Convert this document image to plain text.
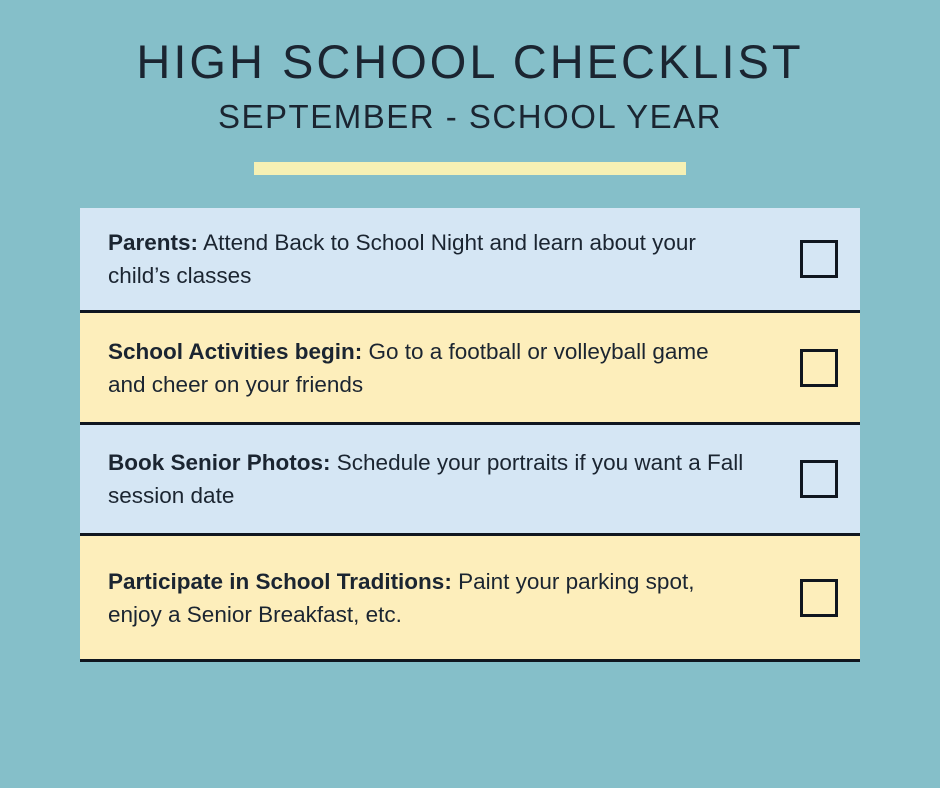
HIGH SCHOOL CHECKLIST
SEPTEMBER - SCHOOL YEAR
Parents: Attend Back to School Night and learn about your child’s classes
School Activities begin: Go to a football or volleyball game and cheer on your friends
Book Senior Photos: Schedule your portraits if you want a Fall session date
Participate in School Traditions: Paint your parking spot, enjoy a Senior Breakfast, etc.
